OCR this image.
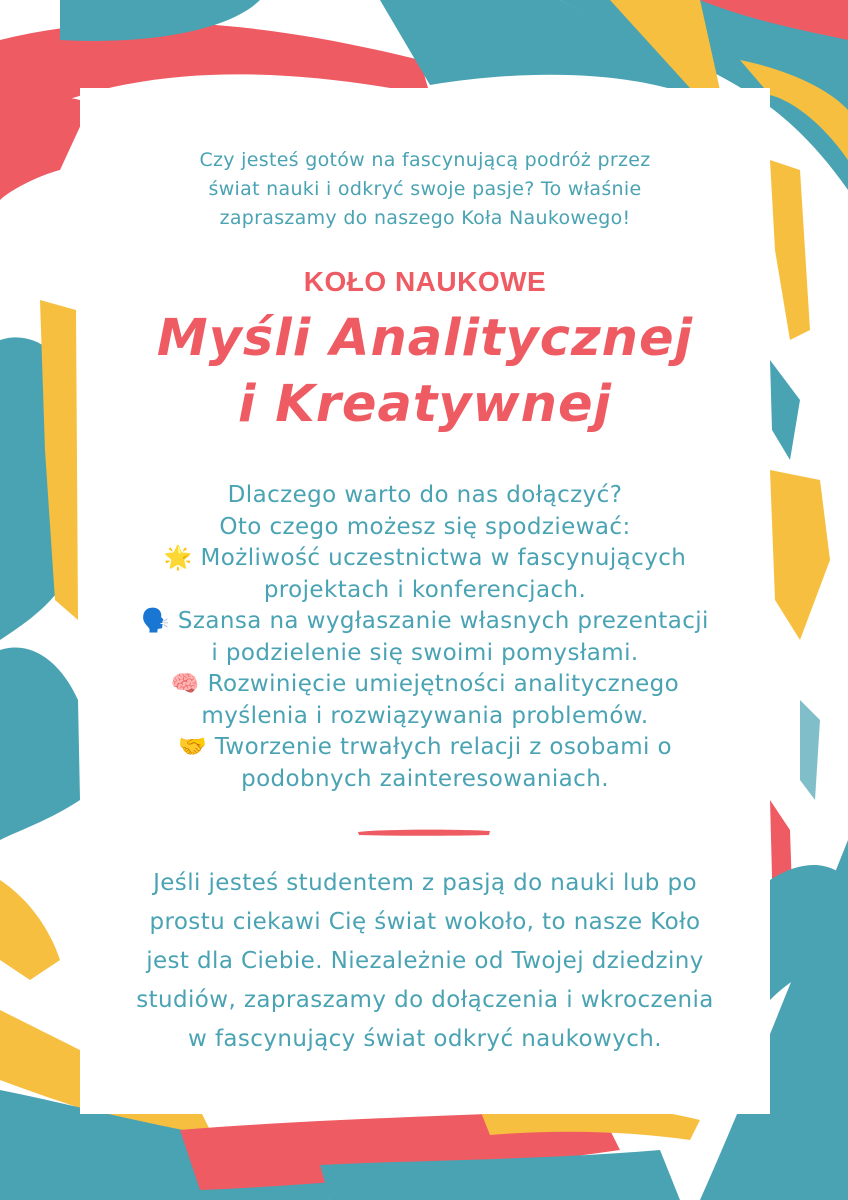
Czy jesteś gotów na fascynującą podróż przez
świat nauki i odkryć swoje pasje? To właśnie
zapraszamy do naszego Koła Naukowego!
KOŁO NAUKOWE
Myśli Analitycznej
i Kreatywnej
Dlaczego warto do nas dołączyć?
Oto czego możesz się spodziewać:
🌟 Możliwość uczestnictwa w fascynujących
projektach i konferencjach.
🗣️ Szansa na wygłaszanie własnych prezentacji
i podzielenie się swoimi pomysłami.
🧠 Rozwinięcie umiejętności analitycznego
myślenia i rozwiązywania problemów.
🤝 Tworzenie trwałych relacji z osobami o
podobnych zainteresowaniach.
Jeśli jesteś studentem z pasją do nauki lub po
prostu ciekawi Cię świat wokoło, to nasze Koło
jest dla Ciebie. Niezależnie od Twojej dziedziny
studiów, zapraszamy do dołączenia i wkroczenia
w fascynujący świat odkryć naukowych.
